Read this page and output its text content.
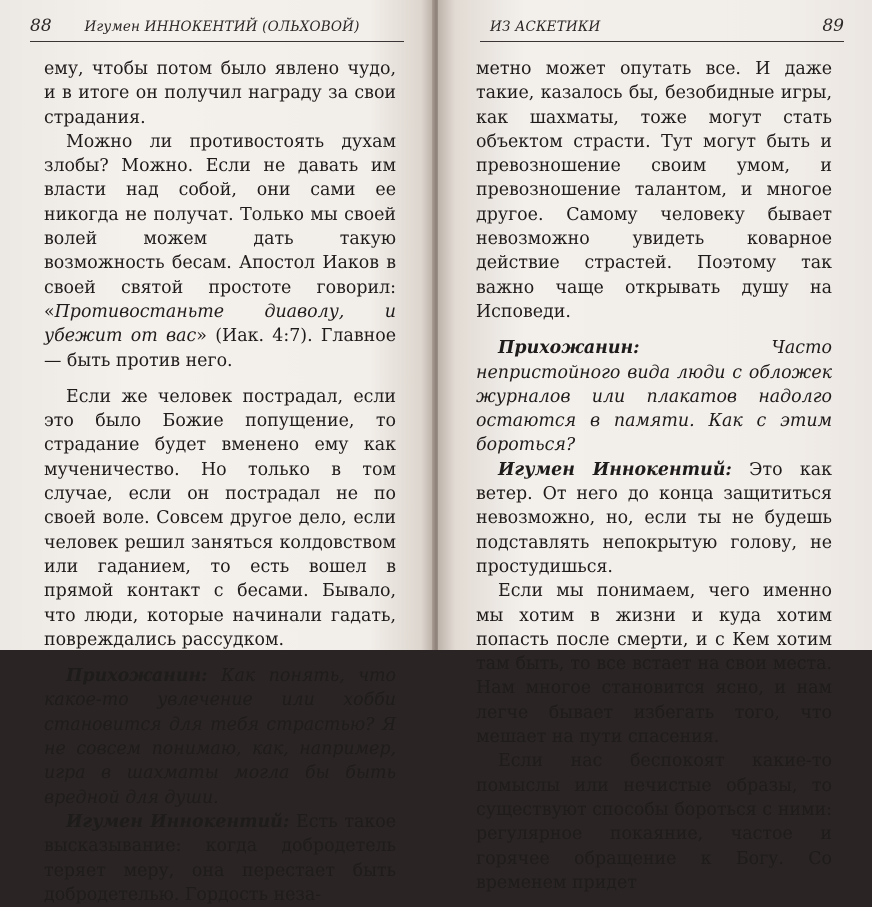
88	Игумен ИННОКЕНТИЙ (ОЛЬХОВОЙ)

ему, чтобы потом было явлено чудо, и в итоге он получил награду за свои страдания.

Можно ли противостоять духам злобы? Можно. Если не давать им власти над собой, они сами ее никогда не получат. Только мы своей волей можем дать такую возможность бесам. Апостол Иаков в своей святой простоте говорил: «Противостаньте диаволу, и убежит от вас» (Иак. 4:7). Главное — быть против него.

Если же человек пострадал, если это было Божие попущение, то страдание будет вменено ему как мученичество. Но только в том случае, если он пострадал не по своей воле. Совсем другое дело, если человек решил заняться колдовством или гаданием, то есть вошел в прямой контакт с бесами. Бывало, что люди, которые начинали гадать, повреждались рассудком.

Прихожанин: Как понять, что какое-то увлечение или хобби становится для тебя страстью? Я не совсем понимаю, как, например, игра в шахматы могла бы быть вредной для души.

Игумен Иннокентий: Есть такое высказывание: когда добродетель теряет меру, она перестает быть добродетелью. Гордость неза-

ИЗ АСКЕТИКИ	89

метно может опутать все. И даже такие, казалось бы, безобидные игры, как шахматы, тоже могут стать объектом страсти. Тут могут быть и превозношение своим умом, и превозношение талантом, и многое другое. Самому человеку бывает невозможно увидеть коварное действие страстей. Поэтому так важно чаще открывать душу на Исповеди.

Прихожанин: Часто непристойного вида люди с обложек журналов или плакатов надолго остаются в памяти. Как с этим бороться?

Игумен Иннокентий: Это как ветер. От него до конца защититься невозможно, но, если ты не будешь подставлять непокрытую голову, не простудишься.

Если мы понимаем, чего именно мы хотим в жизни и куда хотим попасть после смерти, и с Кем хотим там быть, то все встает на свои места. Нам многое становится ясно, и нам легче бывает избегать того, что мешает на пути спасения.

Если нас беспокоят какие-то помыслы или нечистые образы, то существуют способы бороться с ними: регулярное покаяние, частое и горячее обращение к Богу. Со временем придет
